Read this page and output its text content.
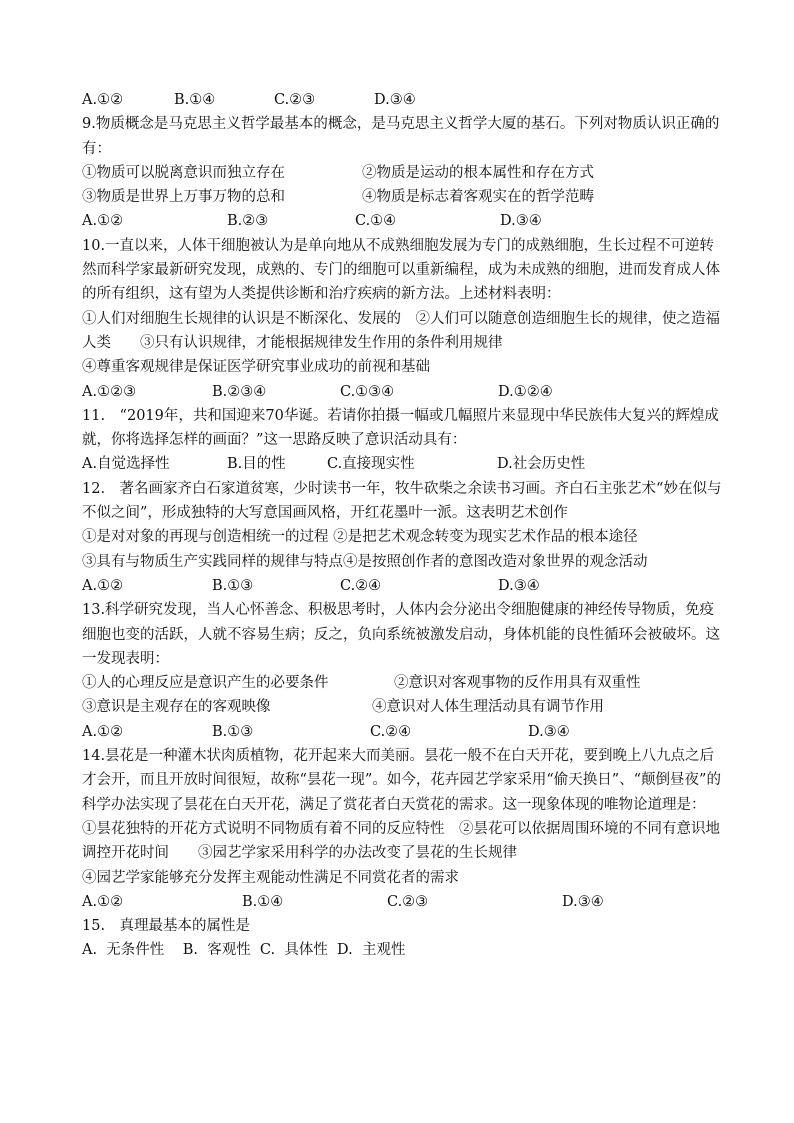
A.①②	B.①④	C.②③	D.③④
9.物质概念是马克思主义哲学最基本的概念，是马克思主义哲学大厦的基石。下列对物质认识正确的有：
①物质可以脱离意识而独立存在	②物质是运动的根本属性和存在方式
③物质是世界上万事万物的总和	④物质是标志着客观实在的哲学范畴
A.①②	B.②③	C.①④	D.③④
10.一直以来，人体干细胞被认为是单向地从不成熟细胞发展为专门的成熟细胞，生长过程不可逆转然而科学家最新研究发现，成熟的、专门的细胞可以重新编程，成为未成熟的细胞，进而发育成人体的所有组织，这有望为人类提供诊断和治疗疾病的新方法。上述材料表明：
①人们对细胞生长规律的认识是不断深化、发展的　②人们可以随意创造细胞生长的规律，使之造福人类　　③只有认识规律，才能根据规律发生作用的条件利用规律
④尊重客观规律是保证医学研究事业成功的前视和基础
A.①②③	B.②③④	C.①③④	D.①②④
11.　“2019年，共和国迎来70华诞。若请你拍摄一幅或几幅照片来显现中华民族伟大复兴的辉煌成就，你将选择怎样的画面？”这一思路反映了意识活动具有：
A.自觉选择性	B.目的性	C.直接现实性	D.社会历史性
12.　著名画家齐白石家道贫寒，少时读书一年，牧牛砍柴之余读书习画。齐白石主张艺术“妙在似与不似之间”，形成独特的大写意国画风格，开红花墨叶一派。这表明艺术创作
①是对对象的再现与创造相统一的过程 ②是把艺术观念转变为现实艺术作品的根本途径
③具有与物质生产实践同样的规律与特点④是按照创作者的意图改造对象世界的观念活动
A.①②	B.①③	C.②④	D.③④
13.科学研究发现，当人心怀善念、积极思考时，人体内会分泌出令细胞健康的神经传导物质，免疫细胞也变的活跃，人就不容易生病；反之，负向系统被激发启动，身体机能的良性循环会被破坏。这一发现表明：
①人的心理反应是意识产生的必要条件	②意识对客观事物的反作用具有双重性
③意识是主观存在的客观映像	④意识对人体生理活动具有调节作用
A.①②	B.①③	C.②④	D.③④
14.昙花是一种灌木状肉质植物，花开起来大而美丽。昙花一般不在白天开花，要到晚上八九点之后才会开，而且开放时间很短，故称“昙花一现”。如今，花卉园艺学家采用“偷天换日”、“颠倒昼夜”的科学办法实现了昙花在白天开花，满足了赏花者白天赏花的需求。这一现象体现的唯物论道理是：
①昙花独特的开花方式说明不同物质有着不同的反应特性　②昙花可以依据周围环境的不同有意识地调控开花时间　　③园艺学家采用科学的办法改变了昙花的生长规律
④园艺学家能够充分发挥主观能动性满足不同赏花者的需求
A.①②	B.①④	C.②③	D.③④
15.　真理最基本的属性是
A.  无条件性    B.  客观性  C.  具体性  D.  主观性
